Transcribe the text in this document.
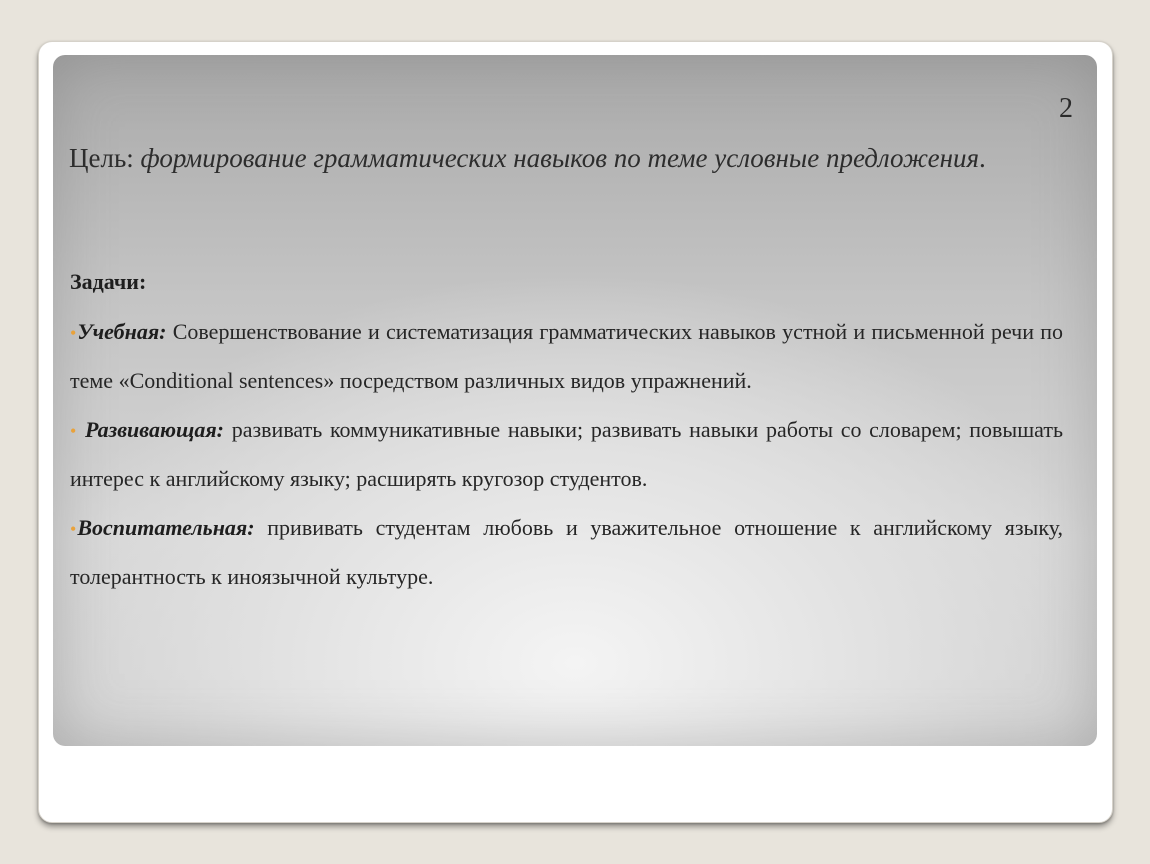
2
Цель: формирование грамматических навыков по теме условные предложения.
Задачи:
•Учебная: Совершенствование и систематизация грамматических навыков устной и письменной речи по теме «Conditional sentences» посредством различных видов упражнений.
• Развивающая: развивать коммуникативные навыки; развивать навыки работы со словарем; повышать интерес к английскому языку; расширять кругозор студентов.
•Воспитательная: прививать студентам любовь и уважительное отношение к английскому языку, толерантность к иноязычной культуре.
